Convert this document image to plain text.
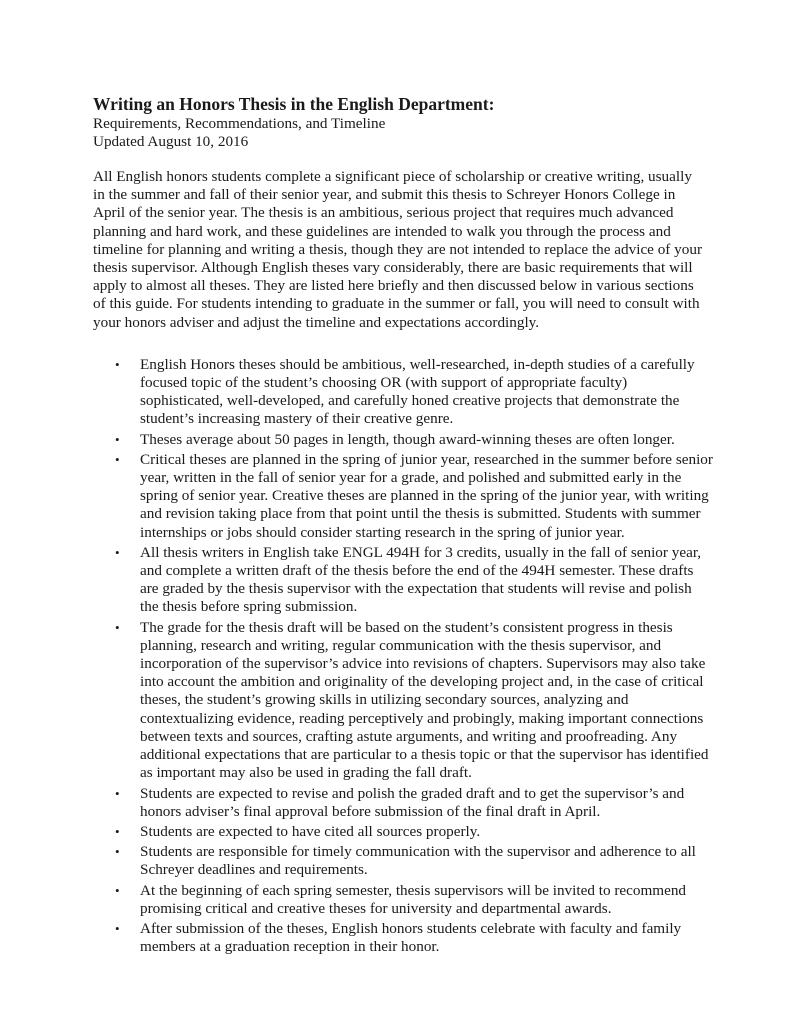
Writing an Honors Thesis in the English Department:

Requirements, Recommendations, and Timeline

Updated August 10, 2016

All English honors students complete a significant piece of scholarship or creative writing, usually in the summer and fall of their senior year, and submit this thesis to Schreyer Honors College in April of the senior year. The thesis is an ambitious, serious project that requires much advanced planning and hard work, and these guidelines are intended to walk you through the process and timeline for planning and writing a thesis, though they are not intended to replace the advice of your thesis supervisor. Although English theses vary considerably, there are basic requirements that will apply to almost all theses. They are listed here briefly and then discussed below in various sections of this guide. For students intending to graduate in the summer or fall, you will need to consult with your honors adviser and adjust the timeline and expectations accordingly.

• English Honors theses should be ambitious, well-researched, in-depth studies of a carefully focused topic of the student’s choosing OR (with support of appropriate faculty) sophisticated, well-developed, and carefully honed creative projects that demonstrate the student’s increasing mastery of their creative genre.
• Theses average about 50 pages in length, though award-winning theses are often longer.
• Critical theses are planned in the spring of junior year, researched in the summer before senior year, written in the fall of senior year for a grade, and polished and submitted early in the spring of senior year. Creative theses are planned in the spring of the junior year, with writing and revision taking place from that point until the thesis is submitted. Students with summer internships or jobs should consider starting research in the spring of junior year.
• All thesis writers in English take ENGL 494H for 3 credits, usually in the fall of senior year, and complete a written draft of the thesis before the end of the 494H semester. These drafts are graded by the thesis supervisor with the expectation that students will revise and polish the thesis before spring submission.
• The grade for the thesis draft will be based on the student’s consistent progress in thesis planning, research and writing, regular communication with the thesis supervisor, and incorporation of the supervisor’s advice into revisions of chapters. Supervisors may also take into account the ambition and originality of the developing project and, in the case of critical theses, the student’s growing skills in utilizing secondary sources, analyzing and contextualizing evidence, reading perceptively and probingly, making important connections between texts and sources, crafting astute arguments, and writing and proofreading. Any additional expectations that are particular to a thesis topic or that the supervisor has identified as important may also be used in grading the fall draft.
• Students are expected to revise and polish the graded draft and to get the supervisor’s and honors adviser’s final approval before submission of the final draft in April.
• Students are expected to have cited all sources properly.
• Students are responsible for timely communication with the supervisor and adherence to all Schreyer deadlines and requirements.
• At the beginning of each spring semester, thesis supervisors will be invited to recommend promising critical and creative theses for university and departmental awards.
• After submission of the theses, English honors students celebrate with faculty and family members at a graduation reception in their honor.
